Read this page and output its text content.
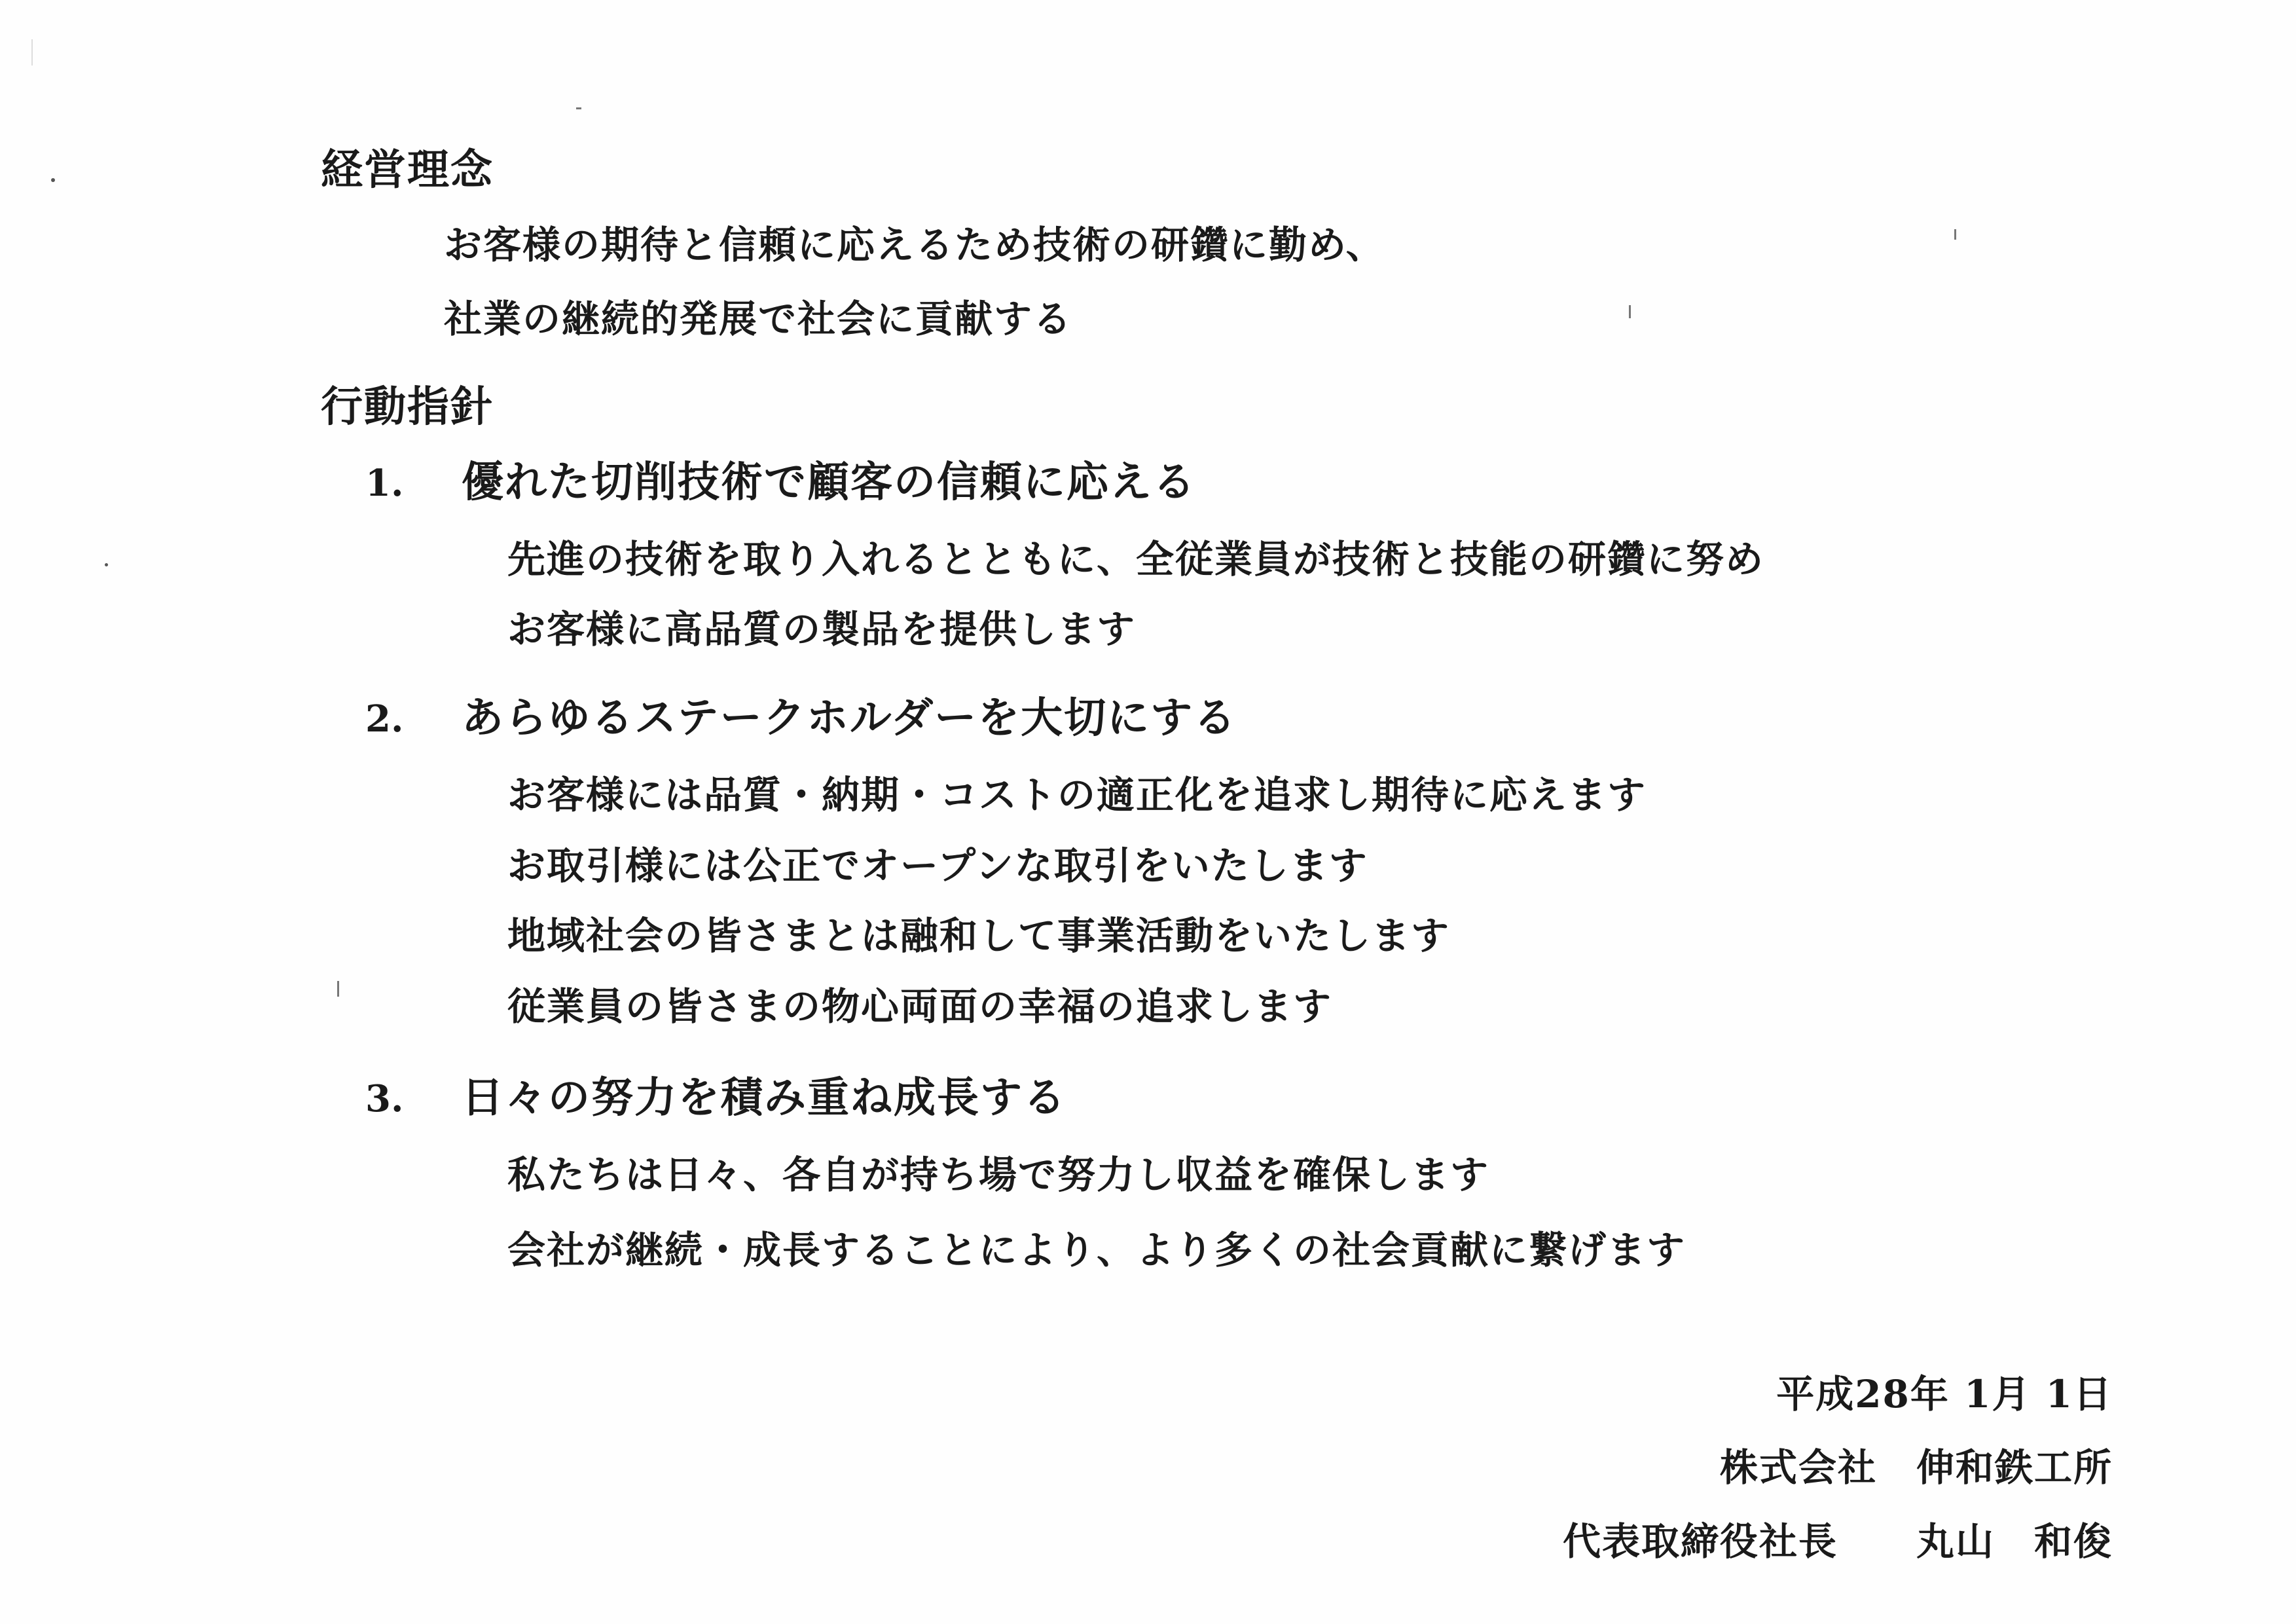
経営理念
お客様の期待と信頼に応えるため技術の研鑽に勤め、
社業の継続的発展で社会に貢献する
行動指針
1. 優れた切削技術で顧客の信頼に応える
先進の技術を取り入れるとともに、全従業員が技術と技能の研鑽に努め
お客様に高品質の製品を提供します
2. あらゆるステークホルダーを大切にする
お客様には品質・納期・コストの適正化を追求し期待に応えます
お取引様には公正でオープンな取引をいたします
地域社会の皆さまとは融和して事業活動をいたします
従業員の皆さまの物心両面の幸福の追求します
3. 日々の努力を積み重ね成長する
私たちは日々、各自が持ち場で努力し収益を確保します
会社が継続・成長することにより、より多くの社会貢献に繋げます
平成28年 1月 1日
株式会社　伸和鉄工所
代表取締役社長　　丸山　和俊
